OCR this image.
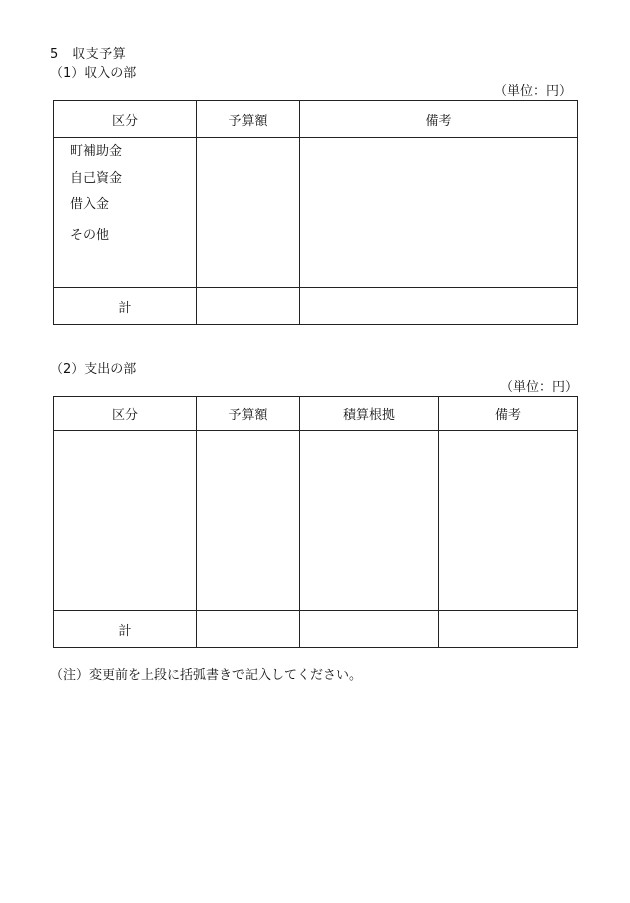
5　収支予算
（1）収入の部
（単位：円）
区分	予算額	備考

町補助金
自己資金
借入金
その他		

計		
（2）支出の部
（単位：円）
区分	予算額	積算根拠	備考

計			
（注）変更前を上段に括弧書きで記入してください。
